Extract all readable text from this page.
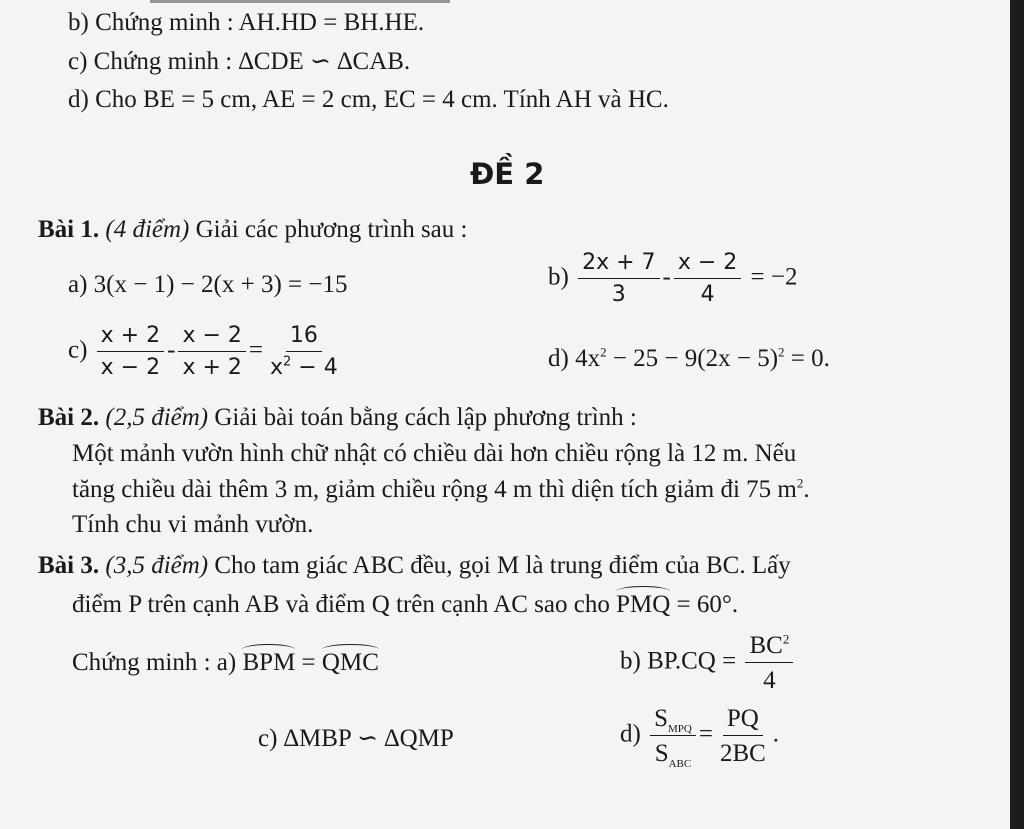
b) Chứng minh : AH.HD = BH.HE.
c) Chứng minh : ∆CDE ∽ ∆CAB.
d) Cho BE = 5 cm, AE = 2 cm, EC = 4 cm. Tính AH và HC.
ĐỀ 2
Bài 1. (4 điểm) Giải các phương trình sau :
a) 3(x − 1) − 2(x + 3) = −15	$b) \frac{2x + 7}{3} - \frac{x - 2}{4} = -2$
$c) \frac{x + 2}{x - 2} - \frac{x - 2}{x + 2} = \frac{16}{x^2 - 4}$	d) $4x^2 - 25 - 9(2x - 5)^2 = 0$.
Bài 2. (2,5 điểm) Giải bài toán bằng cách lập phương trình :
Một mảnh vườn hình chữ nhật có chiều dài hơn chiều rộng là 12 m. Nếu
tăng chiều dài thêm 3 m, giảm chiều rộng 4 m thì diện tích giảm đi 75 $m^2$.
Tính chu vi mảnh vườn.
Bài 3. (3,5 điểm) Cho tam giác ABC đều, gọi M là trung điểm của BC. Lấy
điểm P trên cạnh AB và điểm Q trên cạnh AC sao cho PMQ = 60°.
Chứng minh : a) BPM = QMC	b) $BP.CQ = \frac{BC^2}{4}$
c) ∆MBP ∽ ∆QMP	$d) \frac{S_{MPQ}}{S_{ABC}} = \frac{PQ}{2BC}$ .
